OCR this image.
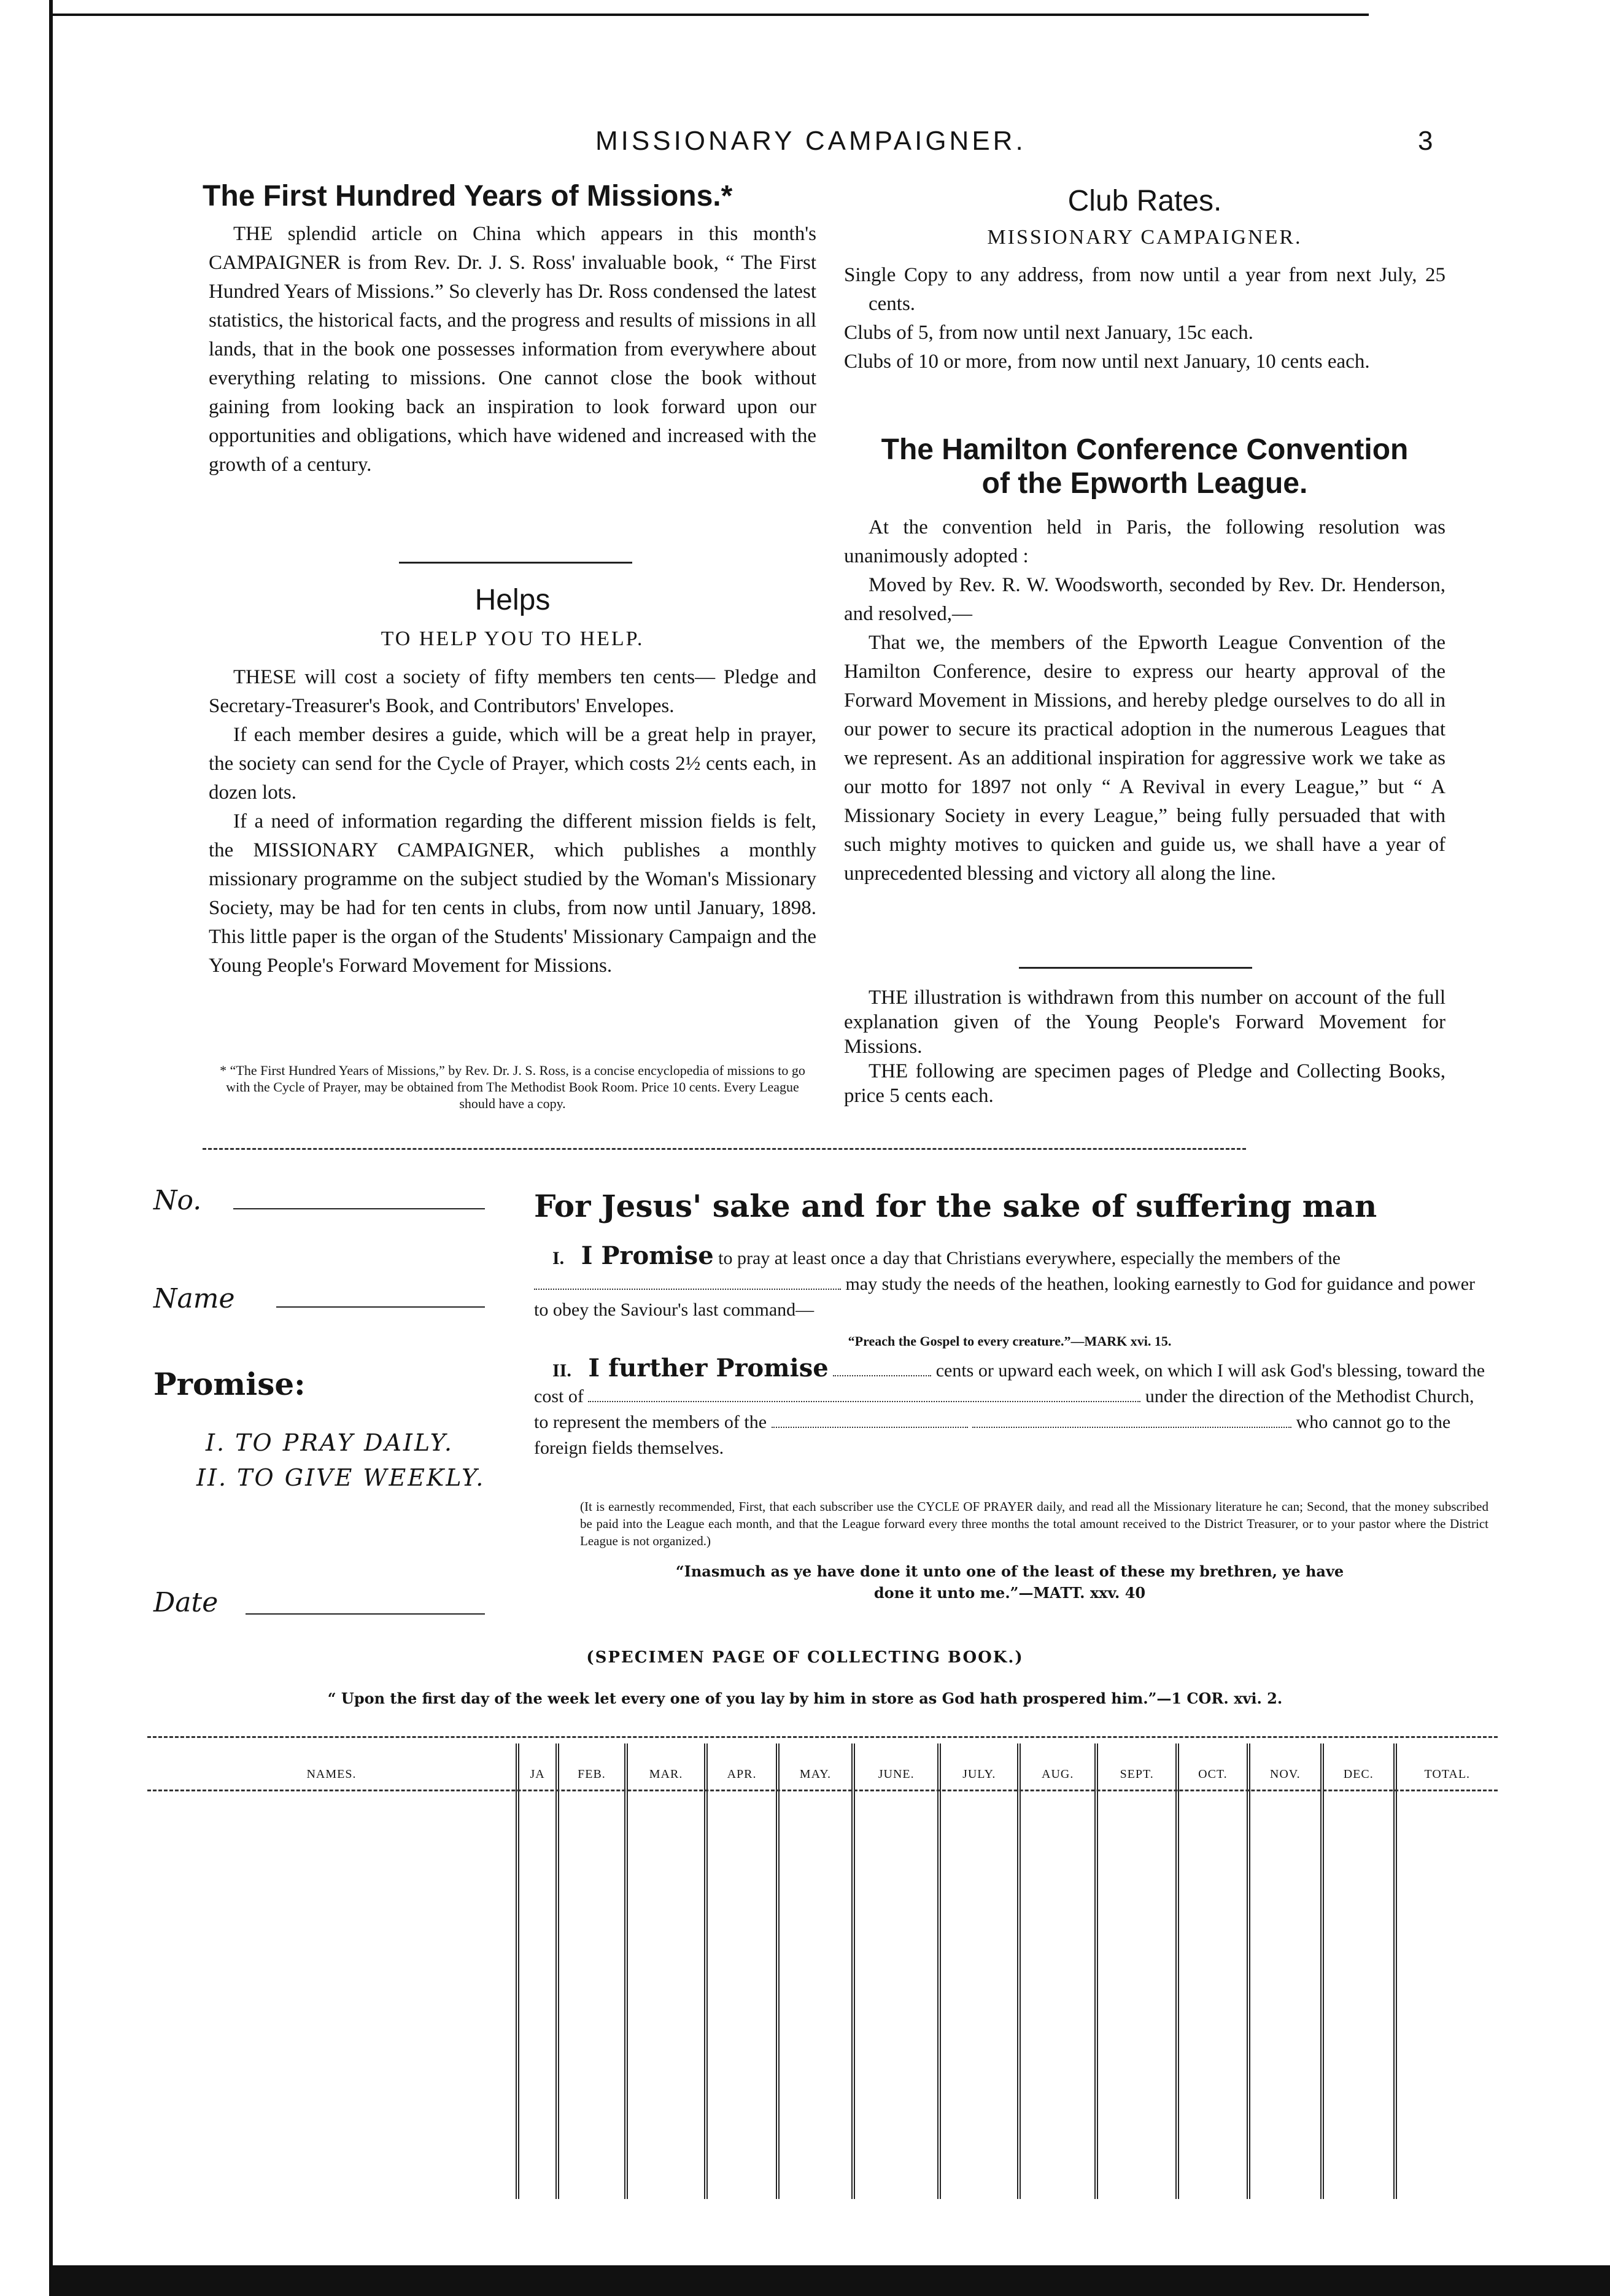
MISSIONARY CAMPAIGNER.	3
The First Hundred Years of Missions.*

THE splendid article on China which appears in this month's CAMPAIGNER is from Rev. Dr. J. S. Ross' invaluable book, “ The First Hundred Years of Missions.” So cleverly has Dr. Ross condensed the latest statistics, the historical facts, and the progress and results of missions in all lands, that in the book one possesses information from everywhere about everything relating to missions. One cannot close the book without gaining from looking back an inspiration to look forward upon our opportunities and obligations, which have widened and increased with the growth of a century.

Helps
TO HELP YOU TO HELP.

THESE will cost a society of fifty members ten cents— Pledge and Secretary-Treasurer's Book, and Contributors' Envelopes.

If each member desires a guide, which will be a great help in prayer, the society can send for the Cycle of Prayer, which costs 2½ cents each, in dozen lots.

If a need of information regarding the different mission fields is felt, the MISSIONARY CAMPAIGNER, which publishes a monthly missionary programme on the subject studied by the Woman's Missionary Society, may be had for ten cents in clubs, from now until January, 1898. This little paper is the organ of the Students' Missionary Campaign and the Young People's Forward Movement for Missions.

* “The First Hundred Years of Missions,” by Rev. Dr. J. S. Ross, is a concise encyclopedia of missions to go with the Cycle of Prayer, may be obtained from The Methodist Book Room. Price 10 cents. Every League should have a copy.
Club Rates.
MISSIONARY CAMPAIGNER.

Single Copy to any address, from now until a year from next July, 25 cents.

Clubs of 5, from now until next January, 15c each.

Clubs of 10 or more, from now until next January, 10 cents each.

The Hamilton Conference Convention
of the Epworth League.

At the convention held in Paris, the following resolution was unanimously adopted :

Moved by Rev. R. W. Woodsworth, seconded by Rev. Dr. Henderson, and resolved,—

That we, the members of the Epworth League Convention of the Hamilton Conference, desire to express our hearty approval of the Forward Movement in Missions, and hereby pledge ourselves to do all in our power to secure its practical adoption in the numerous Leagues that we represent. As an additional inspiration for aggressive work we take as our motto for 1897 not only “ A Revival in every League,” but “ A Missionary Society in every League,” being fully persuaded that with such mighty motives to quicken and guide us, we shall have a year of unprecedented blessing and victory all along the line.

THE illustration is withdrawn from this number on account of the full explanation given of the Young People's Forward Movement for Missions.

THE following are specimen pages of Pledge and Collecting Books, price 5 cents each.

No.
Name
Promise:
I. TO PRAY DAILY.
II. TO GIVE WEEKLY.
Date
For Jesus' sake and for the sake of suffering man
I. I Promise to pray at least once a day that Christians everywhere, especially the members of the  may study the needs of the heathen, looking earnestly to God for guidance and power to obey the Saviour's last command—
“Preach the Gospel to every creature.”—MARK xvi. 15.
II. I further Promise	cents or upward each week, on which I will ask God's blessing, toward the cost of	under the direction of the Methodist Church, to represent the members of the	who cannot go to the foreign fields themselves.
(It is earnestly recommended, First, that each subscriber use the CYCLE OF PRAYER daily, and read all the Missionary literature he can; Second, that the money subscribed be paid into the League each month, and that the League forward every three months the total amount received to the District Treasurer, or to your pastor where the District League is not organized.)
“Inasmuch as ye have done it unto one of the least of these my brethren, ye have
done it unto me.”—MATT. xxv. 40
(SPECIMEN PAGE OF COLLECTING BOOK.)
“ Upon the first day of the week let every one of you lay by him in store as God hath prospered him.”—1 COR. xvi. 2.
NAMES.	JA	FEB.	MAR.	APR.	MAY.	JUNE.	JULY.	AUG.	SEPT.	OCT.	NOV.	DEC.	TOTAL.
